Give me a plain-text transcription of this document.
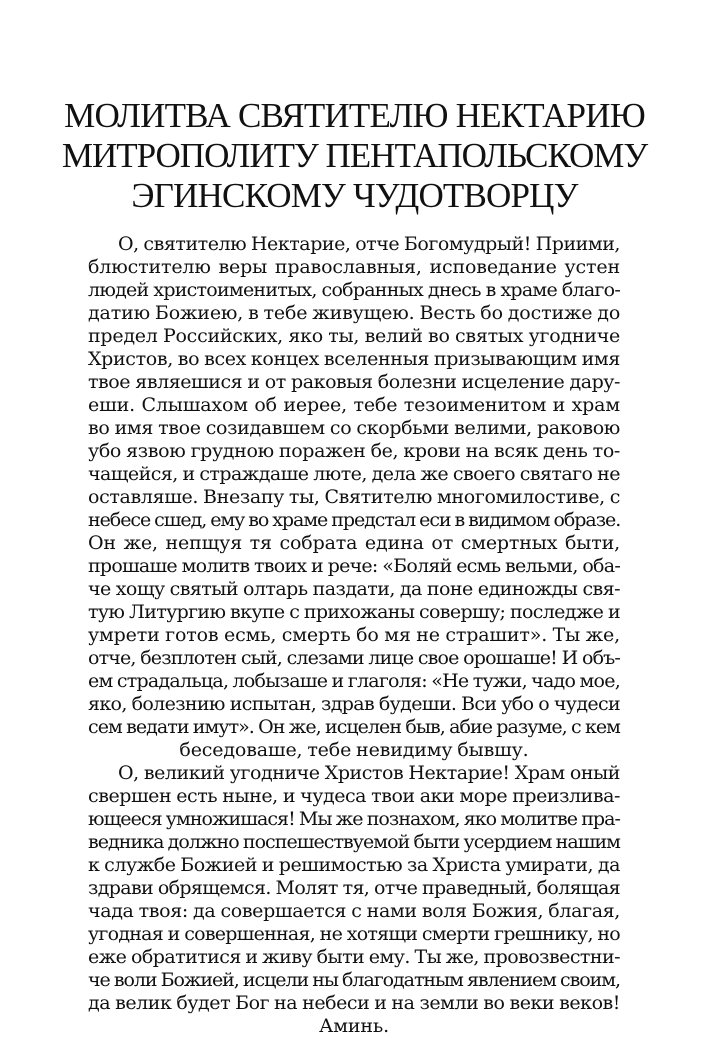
МОЛИТВА СВЯТИТЕЛЮ НЕКТАРИЮ
МИТРОПОЛИТУ ПЕНТАПОЛЬСКОМУ
ЭГИНСКОМУ ЧУДОТВОРЦУ
О, святителю Нектарие, отче Богомудрый! Приими,
блюстителю веры православныя, исповедание устен
людей христоименитых, собранных днесь в храме благо-
датию Божиею, в тебе живущею. Весть бо достиже до
предел Российских, яко ты, велий во святых угодниче
Христов, во всех концех вселенныя призывающим имя
твое являешися и от раковыя болезни исцеление дару-
еши. Слышахом об иерее, тебе тезоименитом и храм
во имя твое созидавшем со скорбьми велими, раковою
убо язвою грудною поражен бе, крови на всяк день то-
чащейся, и страждаше люте, дела же своего святаго не
оставляше. Внезапу ты, Святителю многомилостиве, с
небесе сшед, ему во храме предстал еси в видимом образе.
Он же, непщуя тя собрата едина от смертных быти,
прошаше молитв твоих и рече: «Боляй есмь вельми, оба-
че хощу святый олтарь паздати, да поне единожды свя-
тую Литургию вкупе с прихожаны совершу; последже и
умрети готов есмь, смерть бо мя не страшит». Ты же,
отче, безплотен сый, слезами лице свое орошаше! И объ-
ем страдальца, лобызаше и глаголя: «Не тужи, чадо мое,
яко, болезнию испытан, здрав будеши. Вси убо о чудеси
сем ведати имут». Он же, исцелен быв, абие разуме, с кем
беседоваше, тебе невидиму бывшу.
О, великий угодниче Христов Нектарие! Храм оный
свершен есть ныне, и чудеса твои аки море преизлива-
ющееся умножишася! Мы же познахом, яко молитве пра-
ведника должно поспешествуемой быти усердием нашим
к службе Божией и решимостью за Христа умирати, да
здрави обрящемся. Молят тя, отче праведный, болящая
чада твоя: да совершается с нами воля Божия, благая,
угодная и совершенная, не хотящи смерти грешнику, но
еже обратитися и живу быти ему. Ты же, провозвестни-
че воли Божией, исцели ны благодатным явлением своим,
да велик будет Бог на небеси и на земли во веки веков!
Аминь.
